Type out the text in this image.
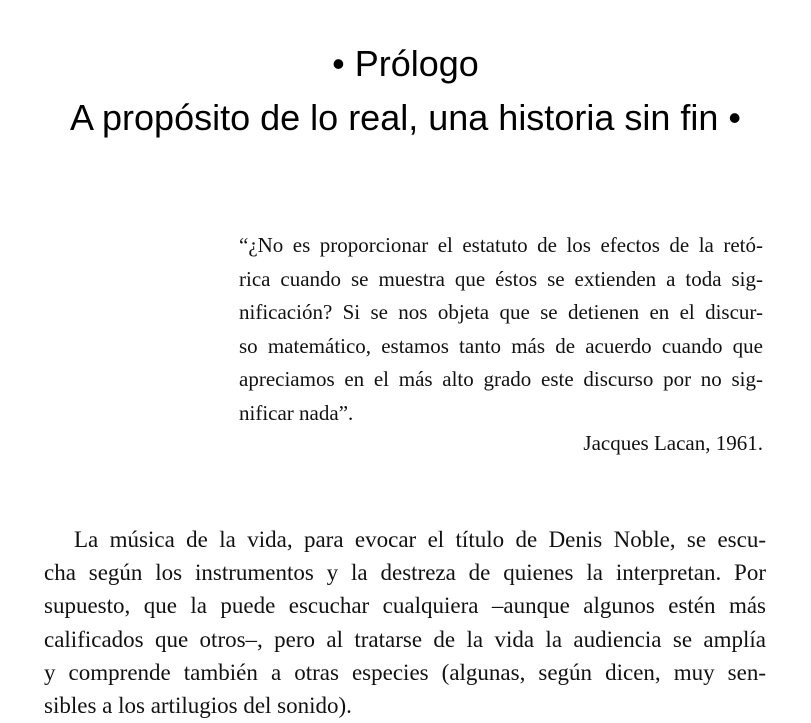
• Prólogo
A propósito de lo real, una historia sin fin •
“¿No es proporcionar el estatuto de los efectos de la retó-
rica cuando se muestra que éstos se extienden a toda sig-
nificación? Si se nos objeta que se detienen en el discur-
so matemático, estamos tanto más de acuerdo cuando que
apreciamos en el más alto grado este discurso por no sig-
nificar nada”.
Jacques Lacan, 1961.
La música de la vida, para evocar el título de Denis Noble, se escu-
cha según los instrumentos y la destreza de quienes la interpretan. Por
supuesto, que la puede escuchar cualquiera –aunque algunos estén más
calificados que otros–, pero al tratarse de la vida la audiencia se amplía
y comprende también a otras especies (algunas, según dicen, muy sen-
sibles a los artilugios del sonido).
